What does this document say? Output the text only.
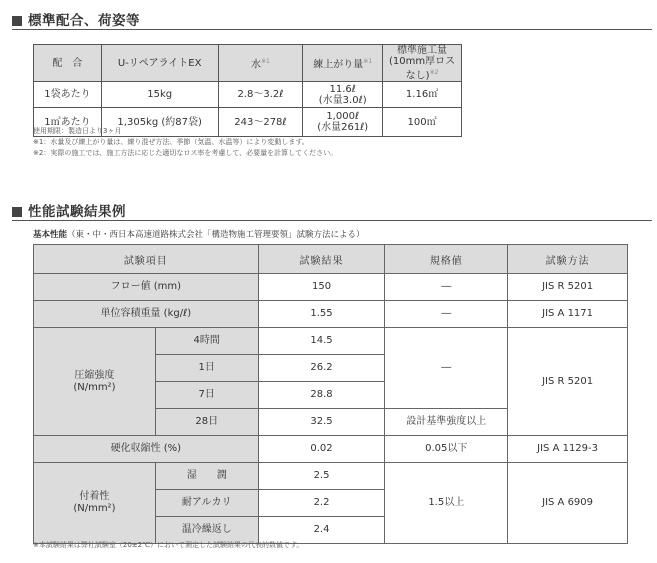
標準配合、荷姿等
配　合	U-リペアライトEX	水$^{※1}$	練上がり量$^{※1}$	標準施工量
(10mm厚ロスなし)$^{※2}$
1袋あたり	15kg	2.8〜3.2ℓ	11.6ℓ
(水量3.0ℓ)	1.16㎡
1㎥あたり	1,305kg (約87袋)	243〜278ℓ	1,000ℓ
(水量261ℓ)	100㎡
使用期限：製造日より3ヶ月
※1：水量及び練上がり量は、練り混ぜ方法、季節（気温、水温等）により変動します。
※2：実際の施工では、施工方法に応じた適切なロス率を考慮して、必要量を計算してください。
性能試験結果例
基本性能（東・中・西日本高速道路株式会社「構造物施工管理要領」試験方法による）
試験項目		試験結果	規格値	試験方法
フロー値 (mm)		150	―	JIS R 5201
単位容積重量 (kg/ℓ)		1.55	―	JIS A 1171
圧縮強度
(N/mm²)	4時間	14.5	―	JIS R 5201
	1日	26.2		
	7日	28.8		
	28日	32.5	設計基準強度以上	
硬化収縮性 (%)		0.02	0.05以下	JIS A 1129-3
付着性
(N/mm²)	湿　　潤	2.5	1.5以上	JIS A 6909
	耐アルカリ	2.2		
	温冷繰返し	2.4		
※本試験結果は弊社試験室（20±2℃）において測定した試験結果の代表的数値です。
